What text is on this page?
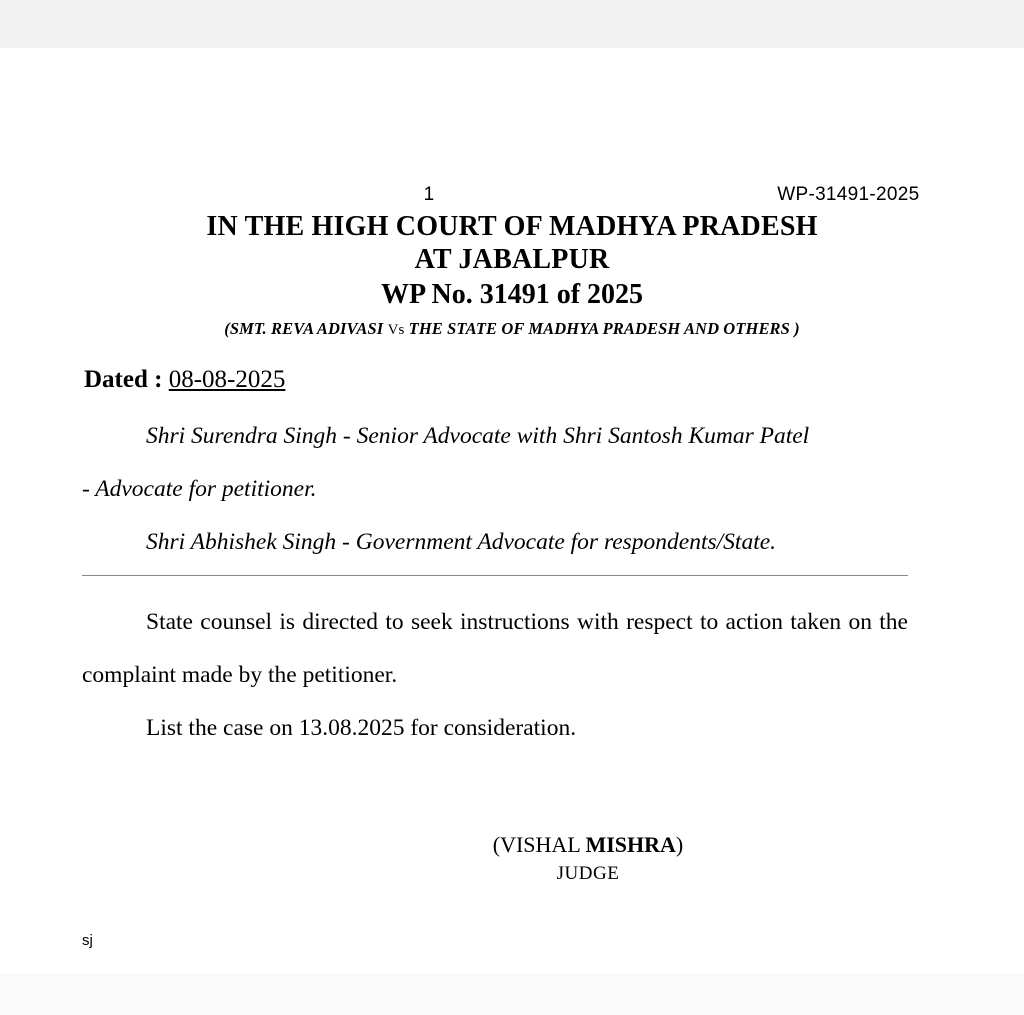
1	WP-31491-2025
IN THE HIGH COURT OF MADHYA PRADESH
AT JABALPUR
WP No. 31491 of 2025
(SMT. REVA ADIVASI Vs THE STATE OF MADHYA PRADESH AND OTHERS )
Dated : 08-08-2025

Shri Surendra Singh - Senior Advocate with Shri Santosh Kumar Patel

- Advocate for petitioner.

Shri Abhishek Singh - Government Advocate for respondents/State.

State counsel is directed to seek instructions with respect to action taken on the complaint made by the petitioner.

List the case on 13.08.2025 for consideration.

(VISHAL MISHRA)
JUDGE
sj
